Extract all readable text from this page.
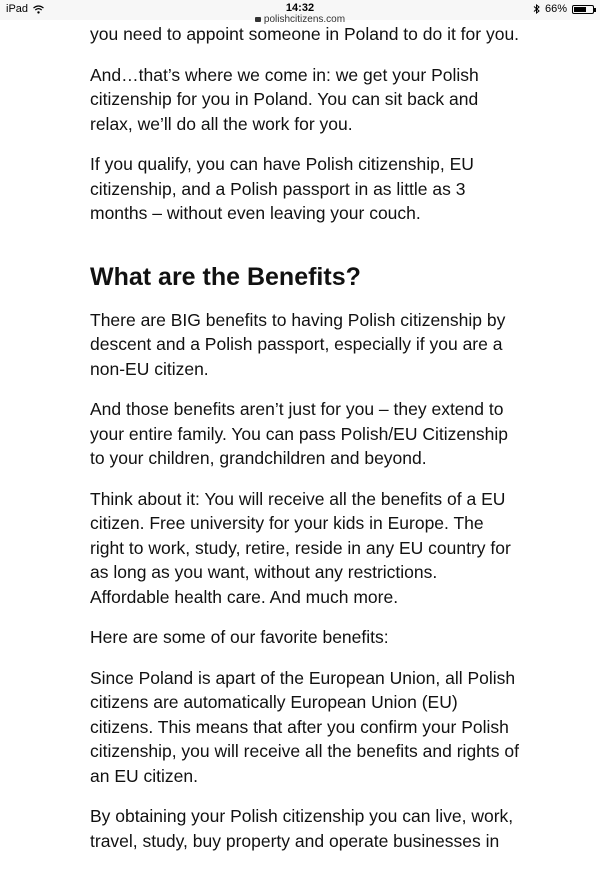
iPad	14:32	66%
polishcitizens.com

you need to appoint someone in Poland to do it for you.

And…that’s where we come in: we get your Polish citizenship for you in Poland. You can sit back and relax, we’ll do all the work for you.

If you qualify, you can have Polish citizenship, EU citizenship, and a Polish passport in as little as 3 months – without even leaving your couch.

What are the Benefits?

There are BIG benefits to having Polish citizenship by descent and a Polish passport, especially if you are a non-EU citizen.

And those benefits aren’t just for you – they extend to your entire family. You can pass Polish/EU Citizenship to your children, grandchildren and beyond.

Think about it: You will receive all the benefits of a EU citizen. Free university for your kids in Europe. The right to work, study, retire, reside in any EU country for as long as you want, without any restrictions. Affordable health care. And much more.

Here are some of our favorite benefits:

Since Poland is apart of the European Union, all Polish citizens are automatically European Union (EU) citizens. This means that after you confirm your Polish citizenship, you will receive all the benefits and rights of an EU citizen.

By obtaining your Polish citizenship you can live, work, travel, study, buy property and operate businesses in
